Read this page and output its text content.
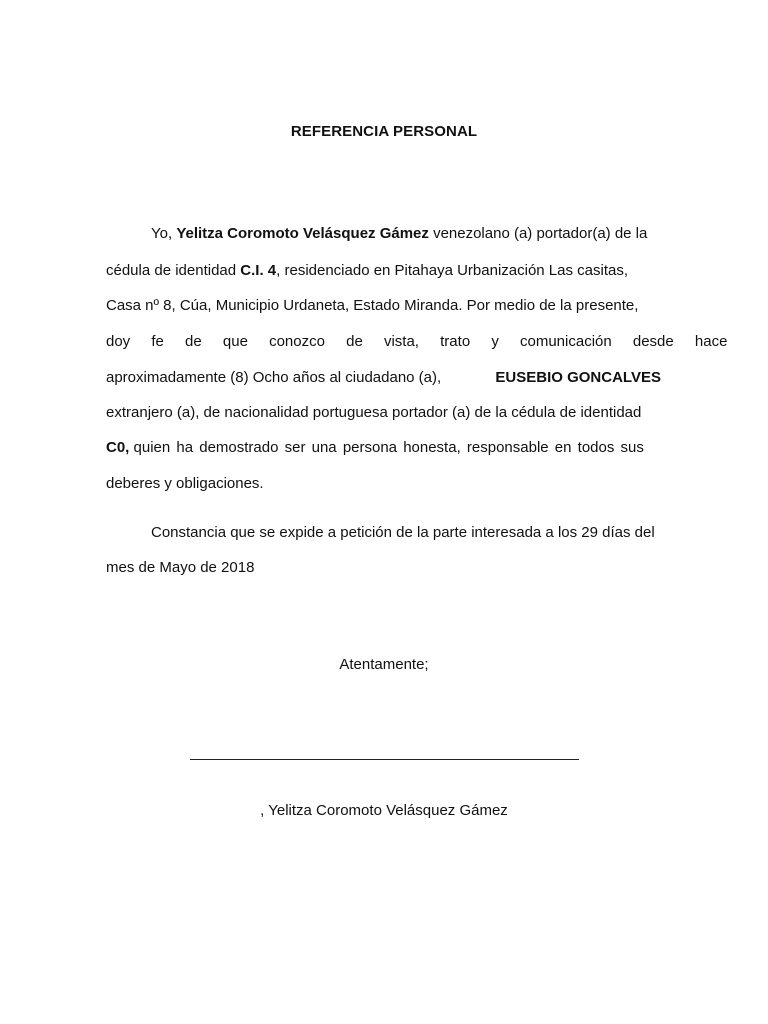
REFERENCIA PERSONAL
Yo, Yelitza Coromoto Velásquez Gámez venezolano (a) portador(a) de la
cédula de identidad C.I. 4, residenciado en Pitahaya Urbanización Las casitas,
Casa nº 8, Cúa, Municipio Urdaneta, Estado Miranda. Por medio de la presente,
doy fe de que conozco de vista, trato y comunicación desde hace
aproximadamente (8) Ocho años al ciudadano (a),	EUSEBIO GONCALVES
extranjero (a), de nacionalidad portuguesa portador (a) de la cédula de identidad
C0, quien ha demostrado ser una persona honesta, responsable en todos sus
deberes y obligaciones.
Constancia que se expide a petición de la parte interesada a los 29 días del
mes de Mayo de 2018
Atentamente;
, Yelitza Coromoto Velásquez Gámez
